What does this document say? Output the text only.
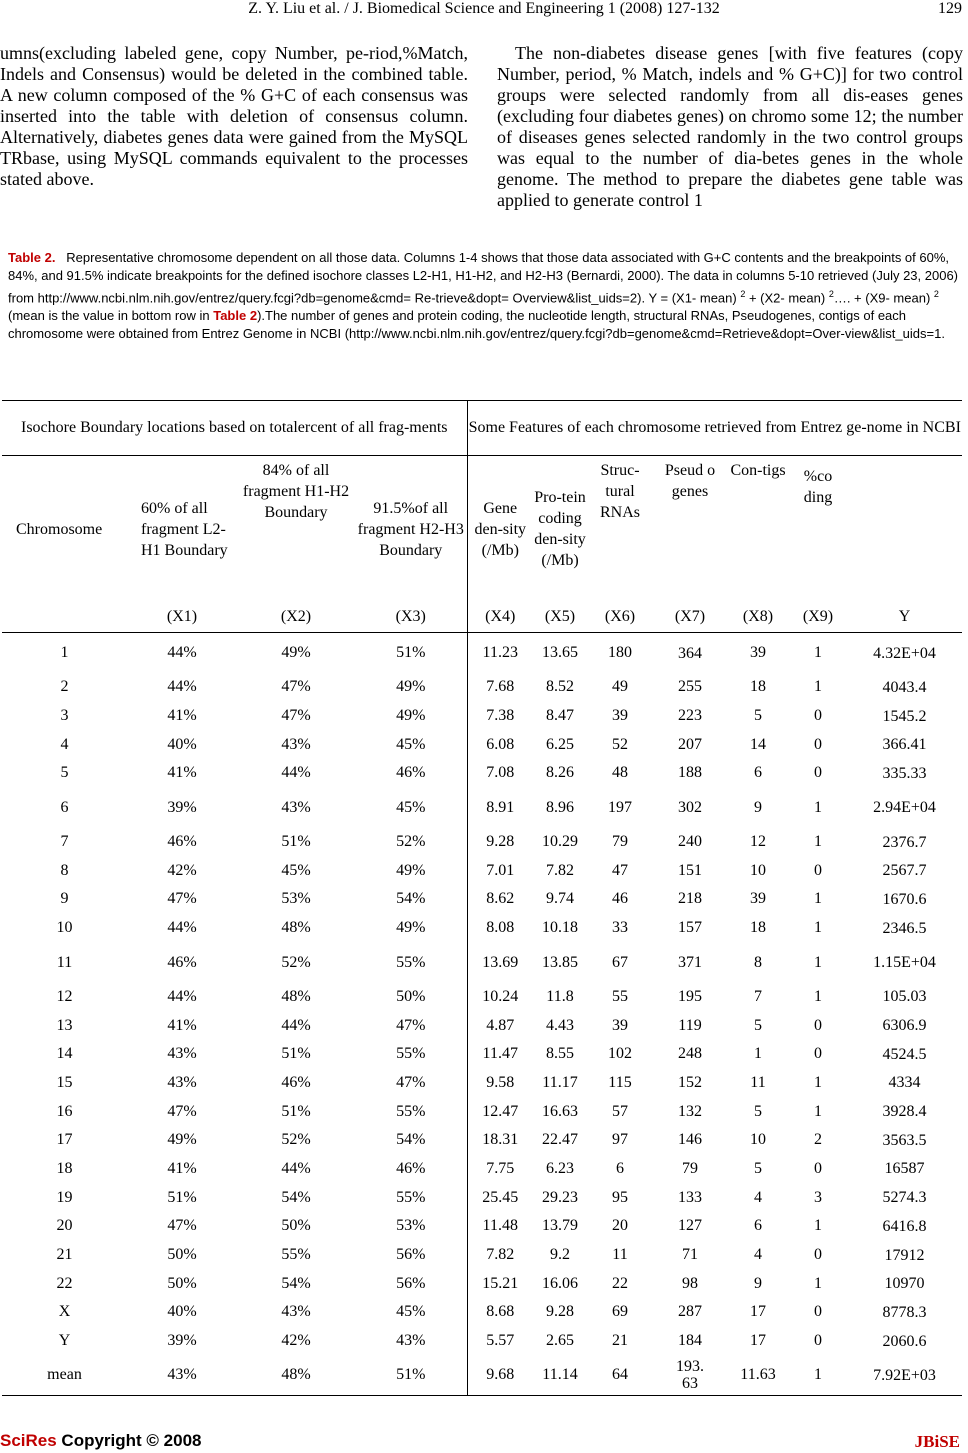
Z. Y. Liu et al. / J. Biomedical Science and Engineering 1 (2008) 127-132	129
umns(excluding labeled gene, copy Number, pe-riod,%Match, Indels and Consensus) would be deleted in the combined table. A new column composed of the % G+C of each consensus was inserted into the table with deletion of consensus column. Alternatively, diabetes genes data were gained from the MySQL TRbase, using MySQL commands equivalent to the processes stated above.
The non-diabetes disease genes [with five features (copy Number, period, % Match, indels and % G+C)] for two control groups were selected randomly from all dis-eases genes (excluding four diabetes genes) on chromo some 12; the number of diseases genes selected randomly in the two control groups was equal to the number of dia-betes genes in the whole genome. The method to prepare the diabetes gene table was applied to generate control 1
Table 2. Representative chromosome dependent on all those data. Columns 1-4 shows that those data associated with G+C contents and the breakpoints of 60%, 84%, and 91.5% indicate breakpoints for the defined isochore classes L2-H1, H1-H2, and H2-H3 (Bernardi, 2000). The data in columns 5-10 retrieved (July 23, 2006) from http://www.ncbi.nlm.nih.gov/entrez/query.fcgi?db=genome&cmd= Re-trieve&dopt= Overview&list_uids=2). Y = (X1- mean) $^2$ + (X2- mean) $^2$…. + (X9- mean) $^2$ (mean is the value in bottom row in Table 2).The number of genes and protein coding, the nucleotide length, structural RNAs, Pseudogenes, contigs of each chromosome were obtained from Entrez Genome in NCBI (http://www.ncbi.nlm.nih.gov/entrez/query.fcgi?db=genome&cmd=Retrieve&dopt=Over-view&list_uids=1.
Isochore Boundary locations based on totalercent of all frag-ments				Some Features of each chromosome retrieved from Entrez ge-nome in NCBI						
Chromosome	60% of all fragment L2-H1 Boundary	84% of all fragment H1-H2 Boundary	91.5%of all fragment H2-H3 Boundary	Gene den-sity (/Mb)	Pro-tein coding den-sity (/Mb)	Struc-tural RNAs	Pseud o genes	Con-tigs	%co ding	
	(X1)	(X2)	(X3)	(X4)	(X5)	(X6)	(X7)	(X8)	(X9)	Y
1	44%	49%	51%	11.23	13.65	180	364	39	1	4.32E+04
2	44%	47%	49%	7.68	8.52	49	255	18	1	4043.4
3	41%	47%	49%	7.38	8.47	39	223	5	0	1545.2
4	40%	43%	45%	6.08	6.25	52	207	14	0	366.41
5	41%	44%	46%	7.08	8.26	48	188	6	0	335.33
6	39%	43%	45%	8.91	8.96	197	302	9	1	2.94E+04
7	46%	51%	52%	9.28	10.29	79	240	12	1	2376.7
8	42%	45%	49%	7.01	7.82	47	151	10	0	2567.7
9	47%	53%	54%	8.62	9.74	46	218	39	1	1670.6
10	44%	48%	49%	8.08	10.18	33	157	18	1	2346.5
11	46%	52%	55%	13.69	13.85	67	371	8	1	1.15E+04
12	44%	48%	50%	10.24	11.8	55	195	7	1	105.03
13	41%	44%	47%	4.87	4.43	39	119	5	0	6306.9
14	43%	51%	55%	11.47	8.55	102	248	1	0	4524.5
15	43%	46%	47%	9.58	11.17	115	152	11	1	4334
16	47%	51%	55%	12.47	16.63	57	132	5	1	3928.4
17	49%	52%	54%	18.31	22.47	97	146	10	2	3563.5
18	41%	44%	46%	7.75	6.23	6	79	5	0	16587
19	51%	54%	55%	25.45	29.23	95	133	4	3	5274.3
20	47%	50%	53%	11.48	13.79	20	127	6	1	6416.8
21	50%	55%	56%	7.82	9.2	11	71	4	0	17912
22	50%	54%	56%	15.21	16.06	22	98	9	1	10970
X	40%	43%	45%	8.68	9.28	69	287	17	0	8778.3
Y	39%	42%	43%	5.57	2.65	21	184	17	0	2060.6
mean	43%	48%	51%	9.68	11.14	64	193.63	11.63	1	7.92E+03
SciRes Copyright © 2008	JBiSE
